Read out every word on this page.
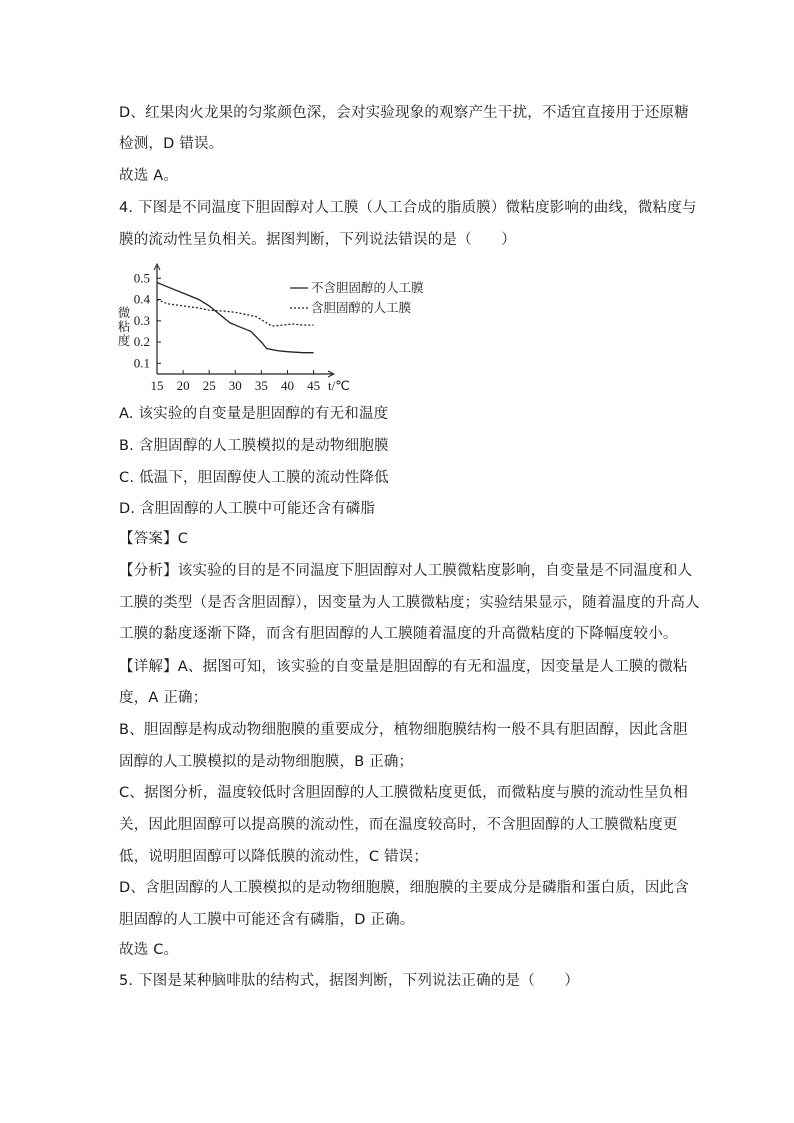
D、红果肉火龙果的匀浆颜色深，会对实验现象的观察产生干扰，不适宜直接用于还原糖
检测，D 错误。
故选 A。
4. 下图是不同温度下胆固醇对人工膜（人工合成的脂质膜）微粘度影响的曲线，微粘度与
膜的流动性呈负相关。据图判断，下列说法错误的是（　　）
A. 该实验的自变量是胆固醇的有无和温度
B. 含胆固醇的人工膜模拟的是动物细胞膜
C. 低温下，胆固醇使人工膜的流动性降低
D. 含胆固醇的人工膜中可能还含有磷脂
【答案】C
【分析】该实验的目的是不同温度下胆固醇对人工膜微粘度影响，自变量是不同温度和人
工膜的类型（是否含胆固醇），因变量为人工膜微粘度；实验结果显示，随着温度的升高人
工膜的黏度逐渐下降，而含有胆固醇的人工膜随着温度的升高微粘度的下降幅度较小。
【详解】A、据图可知，该实验的自变量是胆固醇的有无和温度，因变量是人工膜的微粘
度，A 正确；
B、胆固醇是构成动物细胞膜的重要成分，植物细胞膜结构一般不具有胆固醇，因此含胆
固醇的人工膜模拟的是动物细胞膜，B 正确；
C、据图分析，温度较低时含胆固醇的人工膜微粘度更低，而微粘度与膜的流动性呈负相
关，因此胆固醇可以提高膜的流动性，而在温度较高时，不含胆固醇的人工膜微粘度更
低，说明胆固醇可以降低膜的流动性，C 错误；
D、含胆固醇的人工膜模拟的是动物细胞膜，细胞膜的主要成分是磷脂和蛋白质，因此含
胆固醇的人工膜中可能还含有磷脂，D 正确。
故选 C。
5. 下图是某种脑啡肽的结构式，据图判断，下列说法正确的是（　　）
0.1
0.2
0.3
0.4
0.5
15 20 25 30 35 40 45 t/℃
微
粘
度
不含胆固醇的人工膜
含胆固醇的人工膜
